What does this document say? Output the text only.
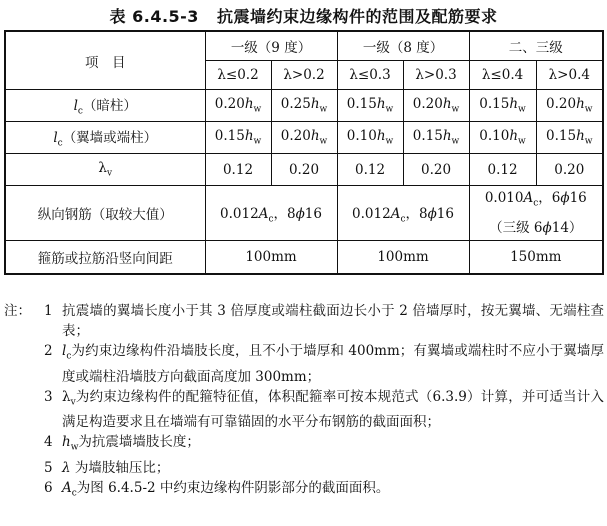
表 6.4.5-3 抗震墙约束边缘构件的范围及配筋要求
项　目	一级（9 度）		一级（8 度）		二、三级	
	λ≤0.2	λ>0.2	λ≤0.3	λ>0.3	λ≤0.4	λ>0.4
$l_c$（暗柱）	$0.20h_w$	$0.25h_w$	$0.15h_w$	$0.20h_w$	$0.15h_w$	$0.20h_w$
$l_c$（翼墙或端柱）	$0.15h_w$	$0.20h_w$	$0.10h_w$	$0.15h_w$	$0.10h_w$	$0.15h_w$
$\lambda_v$	0.12	0.20	0.12	0.20	0.12	0.20
纵向钢筋（取较大值）	$0.012A_c$，8ϕ16		$0.012A_c$，8ϕ16		$0.010A_c$，6ϕ16
（三级 6ϕ14）	
箍筋或拉筋沿竖向间距	100mm		100mm		150mm	
注： 1 抗震墙的翼墙长度小于其 3 倍厚度或端柱截面边长小于 2 倍墙厚时，按无翼墙、无端柱查表；
2 $l_c$为约束边缘构件沿墙肢长度，且不小于墙厚和 400mm；有翼墙或端柱时不应小于翼墙厚度或端柱沿墙肢方向截面高度加 300mm；
3 $\lambda_v$为约束边缘构件的配箍特征值，体积配箍率可按本规范式（6.3.9）计算，并可适当计入满足构造要求且在墙端有可靠锚固的水平分布钢筋的截面面积；
4 $h_w$为抗震墙墙肢长度；
5 λ 为墙肢轴压比；
6 $A_c$为图 6.4.5-2 中约束边缘构件阴影部分的截面面积。
